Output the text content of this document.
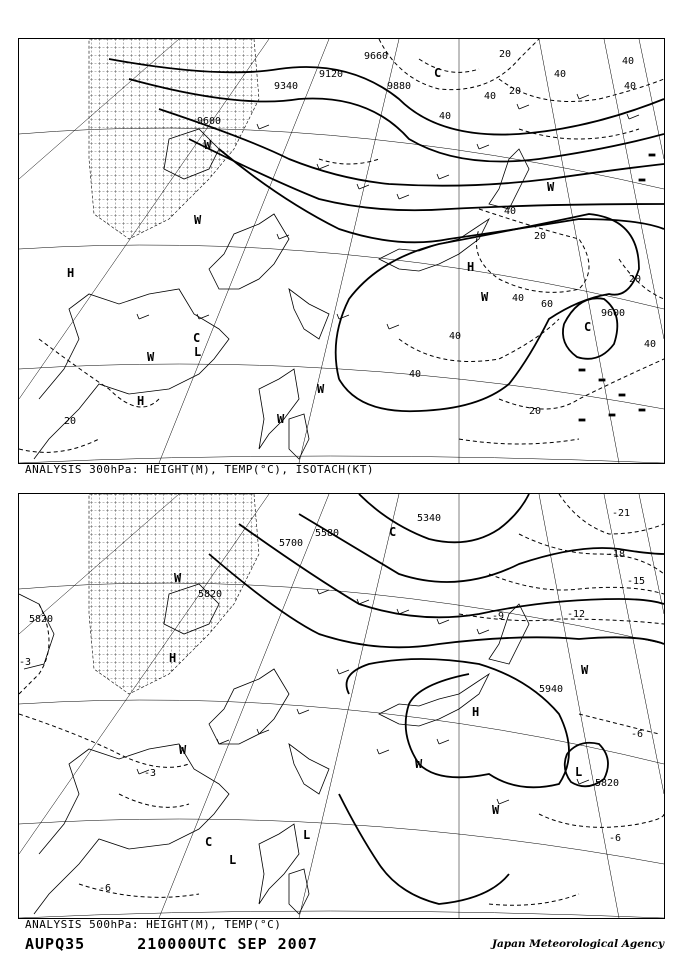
9340
9120
9660
9880
9600
9600
20
40
40
40
40
40
20
60
40
20
20
20
40
40
20
40
40
H
H
H
L
C
C
C
W
W
W
W
W
W
W
ANALYSIS 300hPa: HEIGHT(M), TEMP(°C), ISOTACH(KT)
5340
5580
5700
5820
5820
5940
5820
-21
-18
-15
-12
-9
-6
-3
-3
-6
-6
C
C
L
L
L
H
H
W
W
W
W
W
ANALYSIS 500hPa: HEIGHT(M), TEMP(°C)
AUPQ35	210000UTC SEP 2007	Japan Meteorological Agency
